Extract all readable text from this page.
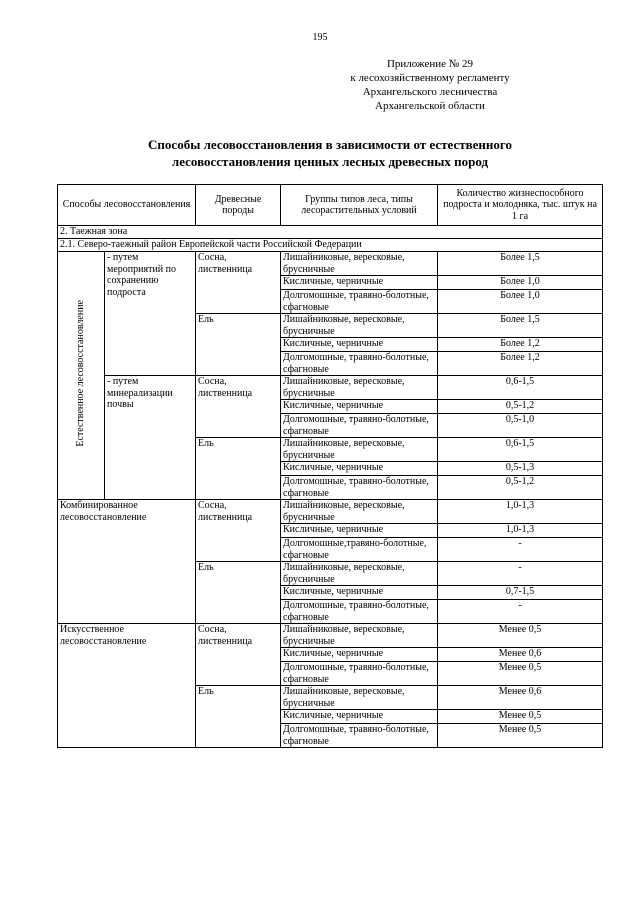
195
Приложение № 29
к лесохозяйственному регламенту
Архангельского лесничества
Архангельской области
Способы лесовосстановления в зависимости от естественного
лесовосстановления ценных лесных древесных пород
Способы лесовосстановления		Древесные породы	Группы типов леса, типы лесорастительных условий	Количество жизнеспособного подроста и молодняка, тыс. штук на 1 га
2. Таежная зона				
2.1. Северо-таежный район Европейской части Российской Федерации				
Естественное лесовосстановление	- путем мероприятий по сохранению подроста	Сосна, лиственница	Лишайниковые, вересковые, брусничные	Более 1,5
			Кисличные, черничные	Более 1,0
			Долгомошные, травяно-болотные, сфагновые	Более 1,0
		Ель	Лишайниковые, вересковые, брусничные	Более 1,5
			Кисличные, черничные	Более 1,2
			Долгомошные, травяно-болотные, сфагновые	Более 1,2
	- путем минерализации почвы	Сосна, лиственница	Лишайниковые, вересковые, брусничные	0,6-1,5
			Кисличные, черничные	0,5-1,2
			Долгомошные, травяно-болотные, сфагновые	0,5-1,0
		Ель	Лишайниковые, вересковые, брусничные	0,6-1,5
			Кисличные, черничные	0,5-1,3
			Долгомошные, травяно-болотные, сфагновые	0,5-1,2
Комбинированное лесовосстановление		Сосна, лиственница	Лишайниковые, вересковые, брусничные	1,0-1,3
			Кисличные, черничные	1,0-1,3
			Долгомошные,травяно-болотные, сфагновые	-
		Ель	Лишайниковые, вересковые, брусничные	-
			Кисличные, черничные	0,7-1,5
			Долгомошные, травяно-болотные, сфагновые	-
Искусственное лесовосстановление		Сосна, лиственница	Лишайниковые, вересковые, брусничные	Менее 0,5
			Кисличные, черничные	Менее 0,6
			Долгомошные, травяно-болотные, сфагновые	Менее 0,5
		Ель	Лишайниковые, вересковые, брусничные	Менее 0,6
			Кисличные, черничные	Менее 0,5
			Долгомошные, травяно-болотные, сфагновые	Менее 0,5
